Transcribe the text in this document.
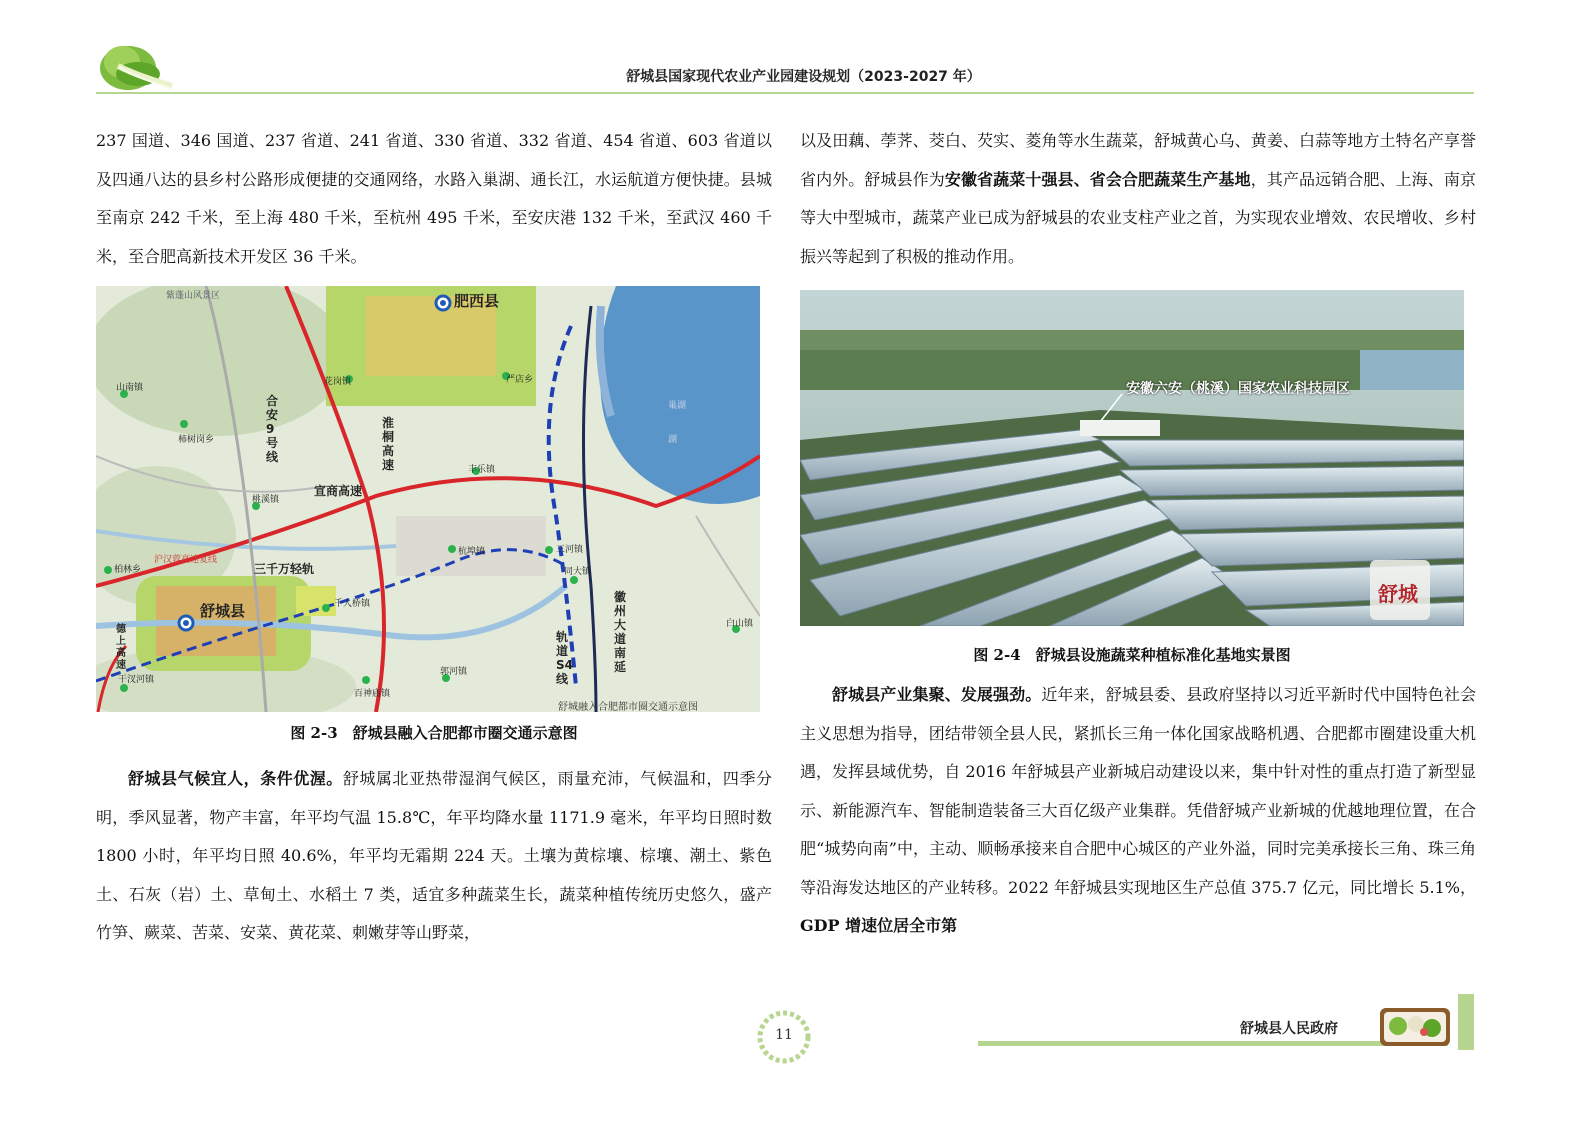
舒城县国家现代农业产业园建设规划（2023-2027 年）

237 国道、346 国道、237 省道、241 省道、330 省道、332 省道、454 省道、603 省道以及四通八达的县乡村公路形成便捷的交通网络，水路入巢湖、通长江，水运航道方便快捷。县城至南京 242 千米，至上海 480 千米，至杭州 495 千米，至安庆港 132 千米，至武汉 460 千米，至合肥高新技术开发区 36 千米。

肥西县
舒城县
山南镇
柿树岗乡
桃溪镇
柏林乡
干汊河镇
百神庙镇
千人桥镇
杭埠镇
丰乐镇
三河镇
同大镇
白山镇
郭河镇
严店乡
花岗镇
紫蓬山风景区
巢湖
湖
淮桐高速
宣商高速
合安9号线
三千万轻轨
轨道S4线
徽州大道南延
德上高速
沪汉蓉高速复线
舒城融入合肥都市圈交通示意图
图 2-3　舒城县融入合肥都市圈交通示意图

舒城县气候宜人，条件优渥。舒城属北亚热带湿润气候区，雨量充沛，气候温和，四季分明，季风显著，物产丰富，年平均气温 15.8℃，年平均降水量 1171.9 毫米，年平均日照时数 1800 小时，年平均日照 40.6%，年平均无霜期 224 天。土壤为黄棕壤、棕壤、潮土、紫色土、石灰（岩）土、草甸土、水稻土 7 类，适宜多种蔬菜生长，蔬菜种植传统历史悠久，盛产竹笋、蕨菜、苦菜、安菜、黄花菜、刺嫩芽等山野菜，

以及田藕、荸荠、茭白、芡实、菱角等水生蔬菜，舒城黄心乌、黄姜、白蒜等地方土特名产享誉省内外。舒城县作为安徽省蔬菜十强县、省会合肥蔬菜生产基地，其产品远销合肥、上海、南京等大中型城市，蔬菜产业已成为舒城县的农业支柱产业之首，为实现农业增效、农民增收、乡村振兴等起到了积极的推动作用。

安徽六安（桃溪）国家农业科技园区
舒城
图 2-4　舒城县设施蔬菜种植标准化基地实景图

舒城县产业集聚、发展强劲。近年来，舒城县委、县政府坚持以习近平新时代中国特色社会主义思想为指导，团结带领全县人民，紧抓长三角一体化国家战略机遇、合肥都市圈建设重大机遇，发挥县域优势，自 2016 年舒城县产业新城启动建设以来，集中针对性的重点打造了新型显示、新能源汽车、智能制造装备三大百亿级产业集群。凭借舒城产业新城的优越地理位置，在合肥“城势向南”中，主动、顺畅承接来自合肥中心城区的产业外溢，同时完美承接长三角、珠三角等沿海发达地区的产业转移。2022 年舒城县实现地区生产总值 375.7 亿元，同比增长 5.1%，GDP 增速位居全市第

11	舒城县人民政府
